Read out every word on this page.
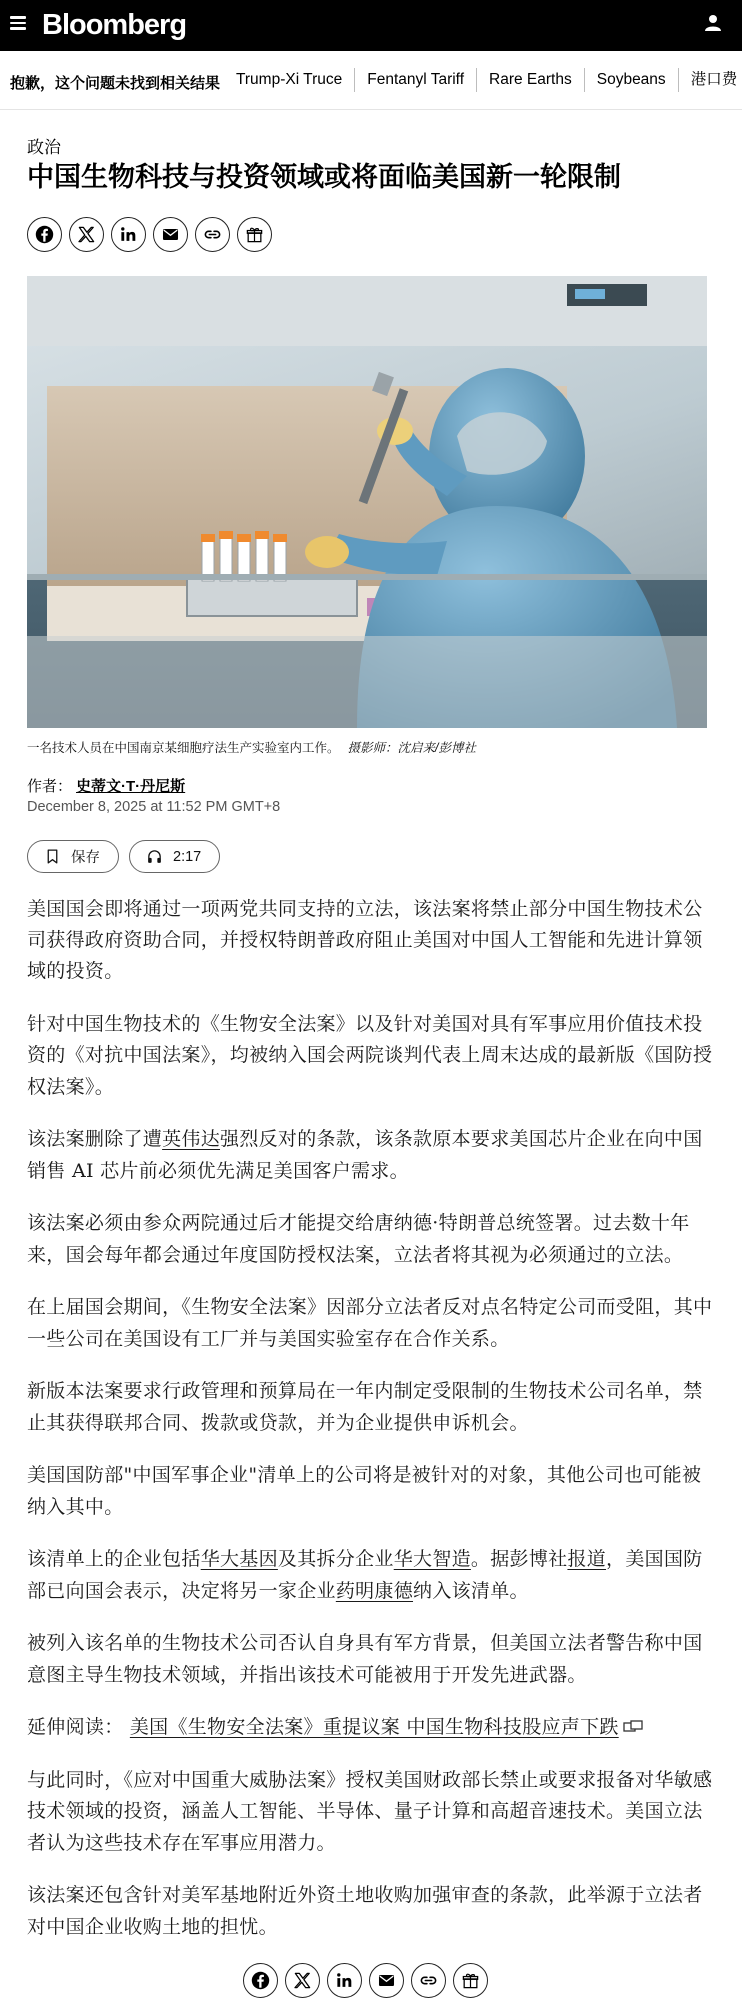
Bloomberg
抱歉，这个问题未找到相关结果	Trump-Xi Truce	Fentanyl Tariff	Rare Earths	Soybeans	港口费
政治
中国生物科技与投资领域或将面临美国新一轮限制
一名技术人员在中国南京某细胞疗法生产实验室内工作。 摄影师：沈启来/彭博社
作者： 史蒂文·T·丹尼斯
December 8, 2025 at 11:52 PM GMT+8
保存	2:17

美国国会即将通过一项两党共同支持的立法，该法案将禁止部分中国生物技术公司获得政府资助合同，并授权特朗普政府阻止美国对中国人工智能和先进计算领域的投资。

针对中国生物技术的《生物安全法案》以及针对美国对具有军事应用价值技术投资的《对抗中国法案》，均被纳入国会两院谈判代表上周末达成的最新版《国防授权法案》。

该法案删除了遭英伟达强烈反对的条款，该条款原本要求美国芯片企业在向中国销售 AI 芯片前必须优先满足美国客户需求。

该法案必须由参众两院通过后才能提交给唐纳德·特朗普总统签署。过去数十年来，国会每年都会通过年度国防授权法案，立法者将其视为必须通过的立法。

在上届国会期间，《生物安全法案》因部分立法者反对点名特定公司而受阻，其中一些公司在美国设有工厂并与美国实验室存在合作关系。

新版本法案要求行政管理和预算局在一年内制定受限制的生物技术公司名单，禁止其获得联邦合同、拨款或贷款，并为企业提供申诉机会。

美国国防部"中国军事企业"清单上的公司将是被针对的对象，其他公司也可能被纳入其中。

该清单上的企业包括华大基因及其拆分企业华大智造。据彭博社报道，美国国防部已向国会表示，决定将另一家企业药明康德纳入该清单。

被列入该名单的生物技术公司否认自身具有军方背景，但美国立法者警告称中国意图主导生物技术领域，并指出该技术可能被用于开发先进武器。

延伸阅读： 美国《生物安全法案》重提议案 中国生物科技股应声下跌

与此同时，《应对中国重大威胁法案》授权美国财政部长禁止或要求报备对华敏感技术领域的投资，涵盖人工智能、半导体、量子计算和高超音速技术。美国立法者认为这些技术存在军事应用潜力。

该法案还包含针对美军基地附近外资土地收购加强审查的条款，此举源于立法者对中国企业收购土地的担忧。
